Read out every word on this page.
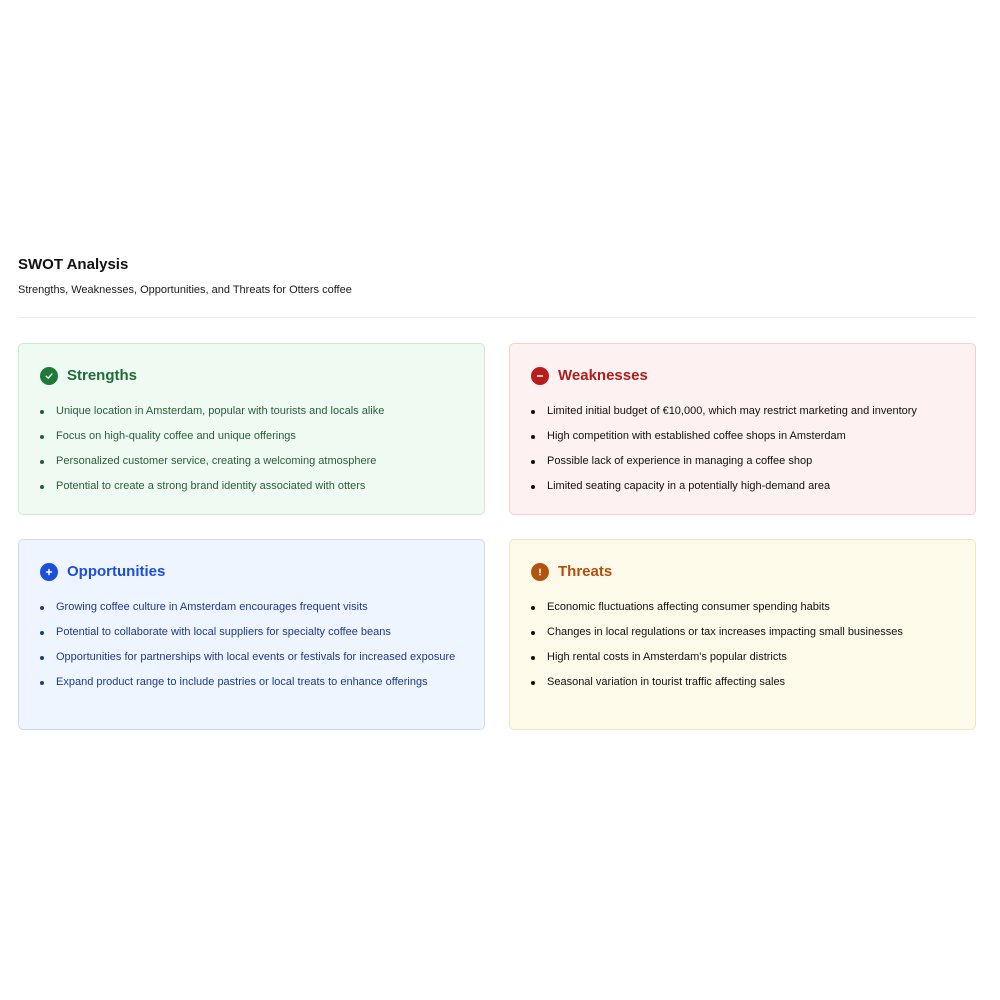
SWOT Analysis

Strengths, Weaknesses, Opportunities, and Threats for Otters coffee

Strengths
Unique location in Amsterdam, popular with tourists and locals alike
Focus on high-quality coffee and unique offerings
Personalized customer service, creating a welcoming atmosphere
Potential to create a strong brand identity associated with otters
Weaknesses
Limited initial budget of €10,000, which may restrict marketing and inventory
High competition with established coffee shops in Amsterdam
Possible lack of experience in managing a coffee shop
Limited seating capacity in a potentially high-demand area
Opportunities
Growing coffee culture in Amsterdam encourages frequent visits
Potential to collaborate with local suppliers for specialty coffee beans
Opportunities for partnerships with local events or festivals for increased exposure
Expand product range to include pastries or local treats to enhance offerings
Threats
Economic fluctuations affecting consumer spending habits
Changes in local regulations or tax increases impacting small businesses
High rental costs in Amsterdam's popular districts
Seasonal variation in tourist traffic affecting sales
